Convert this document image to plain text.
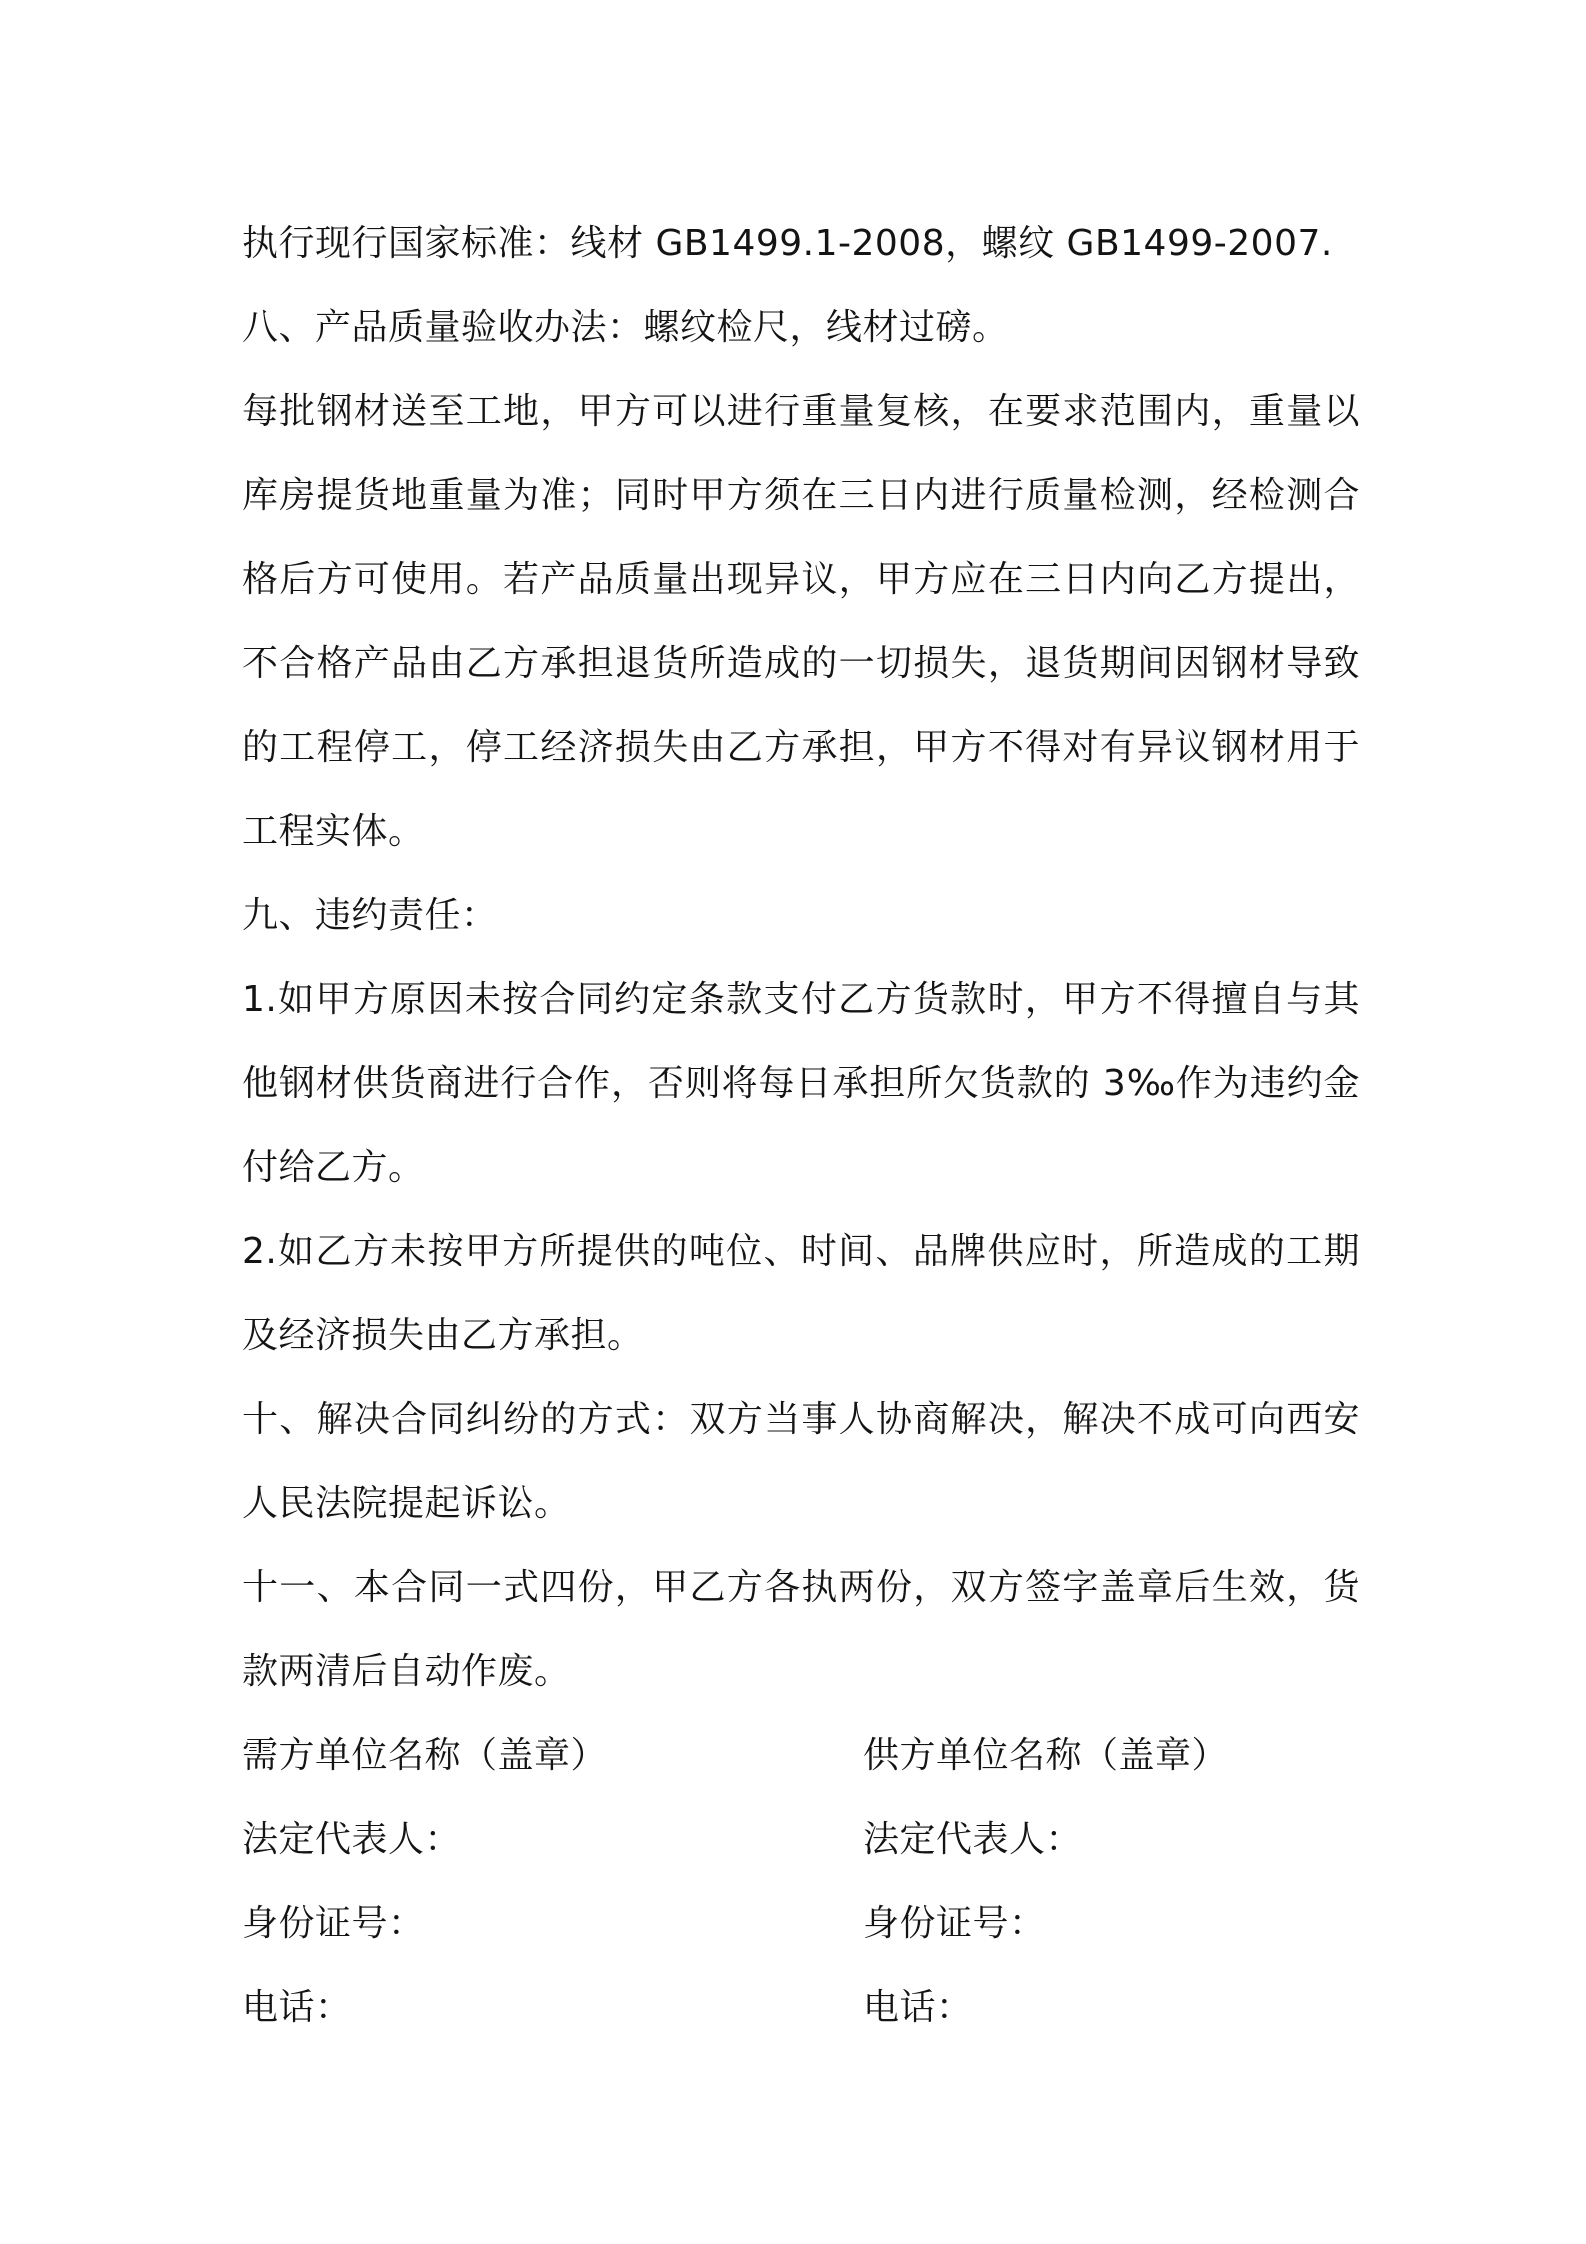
执行现行国家标准：线材 GB1499.1-2008，螺纹 GB1499-2007.

八、产品质量验收办法：螺纹检尺，线材过磅。

每批钢材送至工地，甲方可以进行重量复核，在要求范围内，重量以库房提货地重量为准；同时甲方须在三日内进行质量检测，经检测合格后方可使用。若产品质量出现异议，甲方应在三日内向乙方提出，不合格产品由乙方承担退货所造成的一切损失，退货期间因钢材导致的工程停工，停工经济损失由乙方承担，甲方不得对有异议钢材用于工程实体。

九、违约责任：

1.如甲方原因未按合同约定条款支付乙方货款时，甲方不得擅自与其他钢材供货商进行合作，否则将每日承担所欠货款的 3‰作为违约金付给乙方。

2.如乙方未按甲方所提供的吨位、时间、品牌供应时，所造成的工期及经济损失由乙方承担。

十、解决合同纠纷的方式：双方当事人协商解决，解决不成可向西安人民法院提起诉讼。

十一、本合同一式四份，甲乙方各执两份，双方签字盖章后生效，货款两清后自动作废。

需方单位名称（盖章）	供方单位名称（盖章）
法定代表人：	法定代表人：
身份证号：	身份证号：
电话：	电话：
